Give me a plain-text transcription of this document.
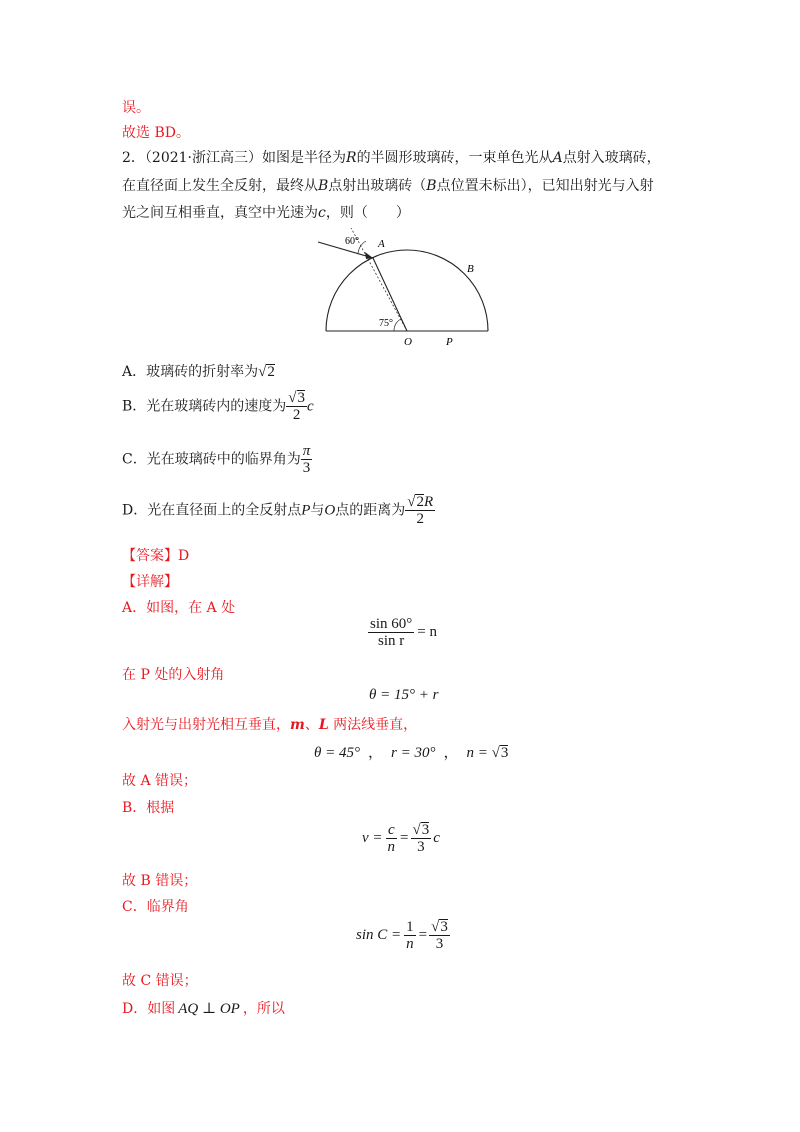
误。
故选 BD。
2．（2021·浙江高三）如图是半径为R的半圆形玻璃砖，一束单色光从A点射入玻璃砖，
在直径面上发生全反射，最终从B点射出玻璃砖（B点位置未标出），已知出射光与入射
光之间互相垂直，真空中光速为c，则（　　）
60° A
B
75°
O	P
A．玻璃砖的折射率为√2
B．光在玻璃砖内的速度为 $\frac{√3}{2}$ c
C．光在玻璃砖中的临界角为 $\frac{\pi}{3}$
D．光在直径面上的全反射点P与O点的距离为 $\frac{√2R}{2}$
【答案】D
【详解】
A．如图，在 A 处
$\frac{\sin 60^\circ}{\text{sin r}} = n$
在 P 处的入射角
θ = 15° + r
入射光与出射光相互垂直，m、L 两法线垂直，
θ = 45° ， r = 30° ， n = √3
故 A 错误；
B．根据
$v = \frac{c}{n} = \frac{√3}{3}$ c
故 B 错误；
C．临界角
$\sin C = \frac{1}{n} = \frac{√3}{3}$
故 C 错误；
D．如图 AQ ⊥ OP ，所以
